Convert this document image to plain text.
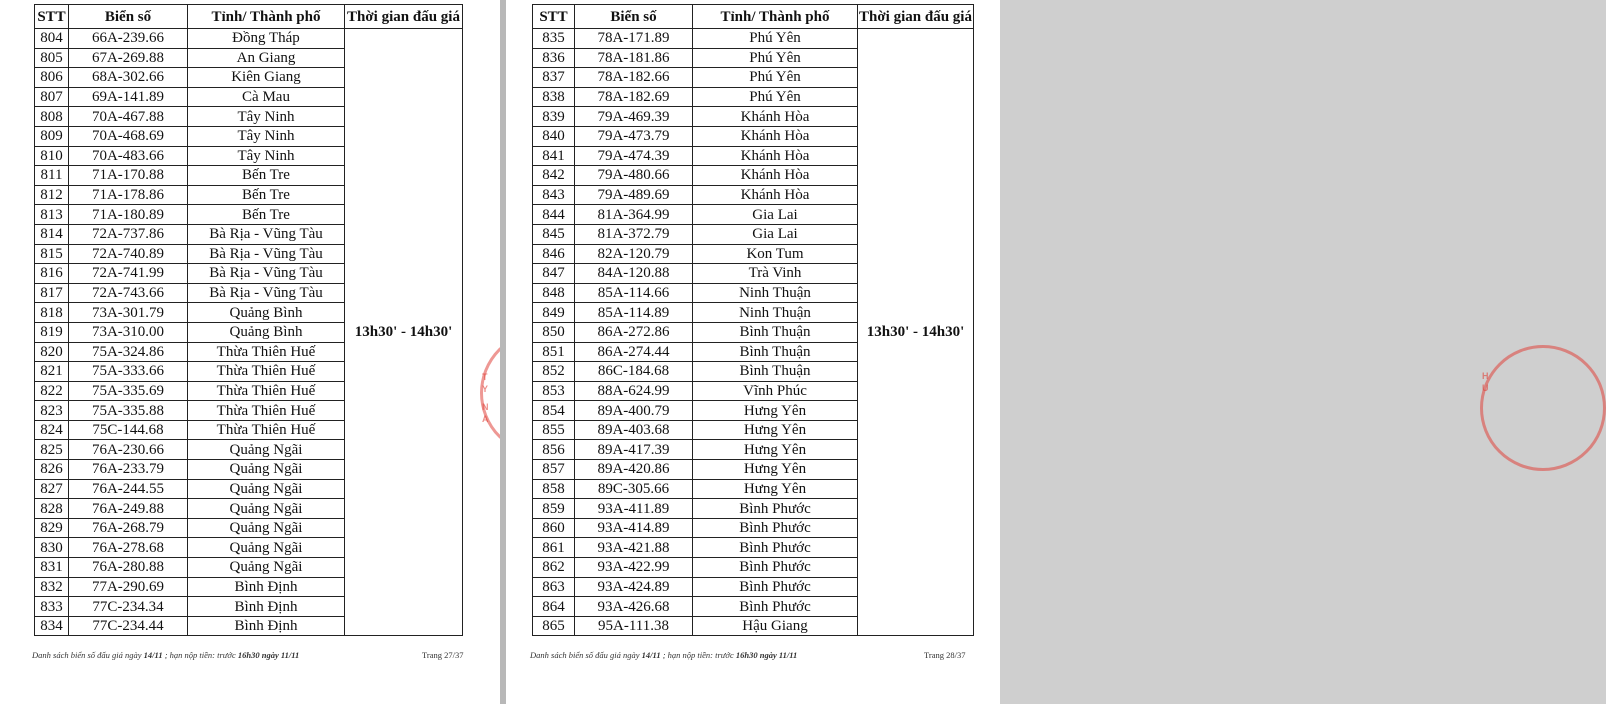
STT	Biển số	Tỉnh/ Thành phố	Thời gian đấu giá
804	66A-239.66	Đồng Tháp	13h30' - 14h30'
805	67A-269.88	An Giang	
806	68A-302.66	Kiên Giang	
807	69A-141.89	Cà Mau	
808	70A-467.88	Tây Ninh	
809	70A-468.69	Tây Ninh	
810	70A-483.66	Tây Ninh	
811	71A-170.88	Bến Tre	
812	71A-178.86	Bến Tre	
813	71A-180.89	Bến Tre	
814	72A-737.86	Bà Rịa - Vũng Tàu	
815	72A-740.89	Bà Rịa - Vũng Tàu	
816	72A-741.99	Bà Rịa - Vũng Tàu	
817	72A-743.66	Bà Rịa - Vũng Tàu	
818	73A-301.79	Quảng Bình	
819	73A-310.00	Quảng Bình	
820	75A-324.86	Thừa Thiên Huế	
821	75A-333.66	Thừa Thiên Huế	
822	75A-335.69	Thừa Thiên Huế	
823	75A-335.88	Thừa Thiên Huế	
824	75C-144.68	Thừa Thiên Huế	
825	76A-230.66	Quảng Ngãi	
826	76A-233.79	Quảng Ngãi	
827	76A-244.55	Quảng Ngãi	
828	76A-249.88	Quảng Ngãi	
829	76A-268.79	Quảng Ngãi	
830	76A-278.68	Quảng Ngãi	
831	76A-280.88	Quảng Ngãi	
832	77A-290.69	Bình Định	
833	77C-234.34	Bình Định	
834	77C-234.44	Bình Định	
Danh sách biển số đấu giá ngày 14/11 ; hạn nộp tiền: trước 16h30 ngày 11/11	Trang 27/37
T
Y
N
A
STT	Biển số	Tỉnh/ Thành phố	Thời gian đấu giá
835	78A-171.89	Phú Yên	13h30' - 14h30'
836	78A-181.86	Phú Yên	
837	78A-182.66	Phú Yên	
838	78A-182.69	Phú Yên	
839	79A-469.39	Khánh Hòa	
840	79A-473.79	Khánh Hòa	
841	79A-474.39	Khánh Hòa	
842	79A-480.66	Khánh Hòa	
843	79A-489.69	Khánh Hòa	
844	81A-364.99	Gia Lai	
845	81A-372.79	Gia Lai	
846	82A-120.79	Kon Tum	
847	84A-120.88	Trà Vinh	
848	85A-114.66	Ninh Thuận	
849	85A-114.89	Ninh Thuận	
850	86A-272.86	Bình Thuận	
851	86A-274.44	Bình Thuận	
852	86C-184.68	Bình Thuận	
853	88A-624.99	Vĩnh Phúc	
854	89A-400.79	Hưng Yên	
855	89A-403.68	Hưng Yên	
856	89A-417.39	Hưng Yên	
857	89A-420.86	Hưng Yên	
858	89C-305.66	Hưng Yên	
859	93A-411.89	Bình Phước	
860	93A-414.89	Bình Phước	
861	93A-421.88	Bình Phước	
862	93A-422.99	Bình Phước	
863	93A-424.89	Bình Phước	
864	93A-426.68	Bình Phước	
865	95A-111.38	Hậu Giang	
Danh sách biển số đấu giá ngày 14/11 ; hạn nộp tiền: trước 16h30 ngày 11/11	Trang 28/37
H
U
